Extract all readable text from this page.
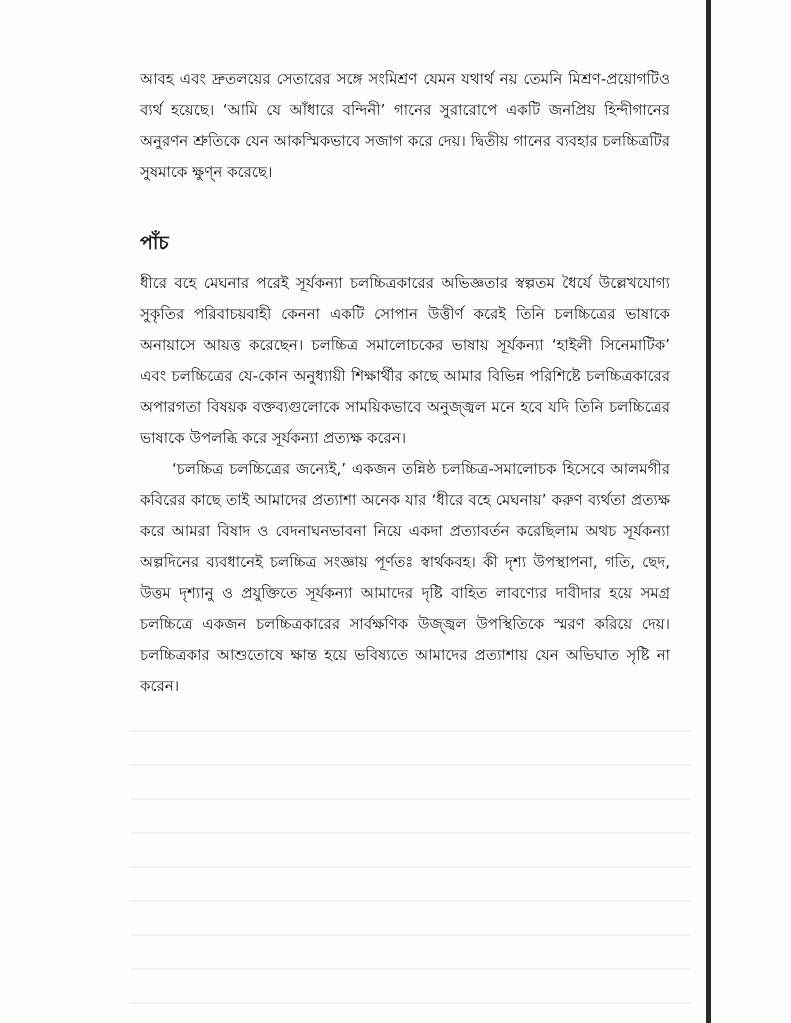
আবহ এবং দ্রুতলয়ের সেতারের সঙ্গে সংমিশ্রণ যেমন যথার্থ নয় তেমনি মিশ্রণ-প্রয়োগটিও ব্যর্থ হয়েছে। ‘আমি যে আঁধারে বন্দিনী’ গানের সুরারোপে একটি জনপ্রিয় হিন্দীগানের অনুরণন শ্রুতিকে যেন আকস্মিকভাবে সজাগ করে দেয়। দ্বিতীয় গানের ব্যবহার চলচ্চিত্রটির সুষমাকে ক্ষুণ্ন করেছে।

পাঁচ

ধীরে বহে মেঘনার পরেই সূর্যকন্যা চলচ্চিত্রকারের অভিজ্ঞতার স্বল্পতম ধৈর্যে উল্লেখযোগ্য সুকৃতির পরিবাচয়বাহী কেননা একটি সোপান উত্তীর্ণ করেই তিনি চলচ্চিত্রের ভাষাকে অনায়াসে আয়ত্ত করেছেন। চলচ্চিত্র সমালোচকের ভাষায় সূর্যকন্যা ‘হাইলী সিনেমাটিক’ এবং চলচ্চিত্রের যে-কোন অনুধ্যায়ী শিক্ষার্থীর কাছে আমার বিভিন্ন পরিশিষ্টে চলচ্চিত্রকারের অপারগতা বিষয়ক বক্তব্যগুলোকে সাময়িকভাবে অনুজ্জ্বল মনে হবে যদি তিনি চলচ্চিত্রের ভাষাকে উপলব্ধি করে সূর্যকন্যা প্রত্যক্ষ করেন।

‘চলচ্চিত্র চলচ্চিত্রের জন্যেই,’ একজন তন্নিষ্ঠ চলচ্চিত্র-সমালোচক হিসেবে আলমগীর কবিরের কাছে তাই আমাদের প্রত্যাশা অনেক যার ‘ধীরে বহে মেঘনায়’ করুণ ব্যর্থতা প্রত্যক্ষ করে আমরা বিষাদ ও বেদনাঘনভাবনা নিয়ে একদা প্রত্যাবর্তন করেছিলাম অথচ সূর্যকন্যা অল্পদিনের ব্যবধানেই চলচ্চিত্র সংজ্ঞায় পূর্ণতঃ স্বার্থকবহ। কী দৃশ্য উপস্থাপনা, গতি, ছেদ, উত্তম দৃশ্যানু ও প্রযুক্তিতে সূর্যকন্যা আমাদের দৃষ্টি বাহিত লাবণ্যের দাবীদার হয়ে সমগ্র চলচ্চিত্রে একজন চলচ্চিত্রকারের সার্বক্ষণিক উজ্জ্বল উপস্থিতিকে স্মরণ করিয়ে দেয়। চলচ্চিত্রকার আশুতোষে ক্ষান্ত হয়ে ভবিষ্যতে আমাদের প্রত্যাশায় যেন অভিঘাত সৃষ্টি না করেন।
